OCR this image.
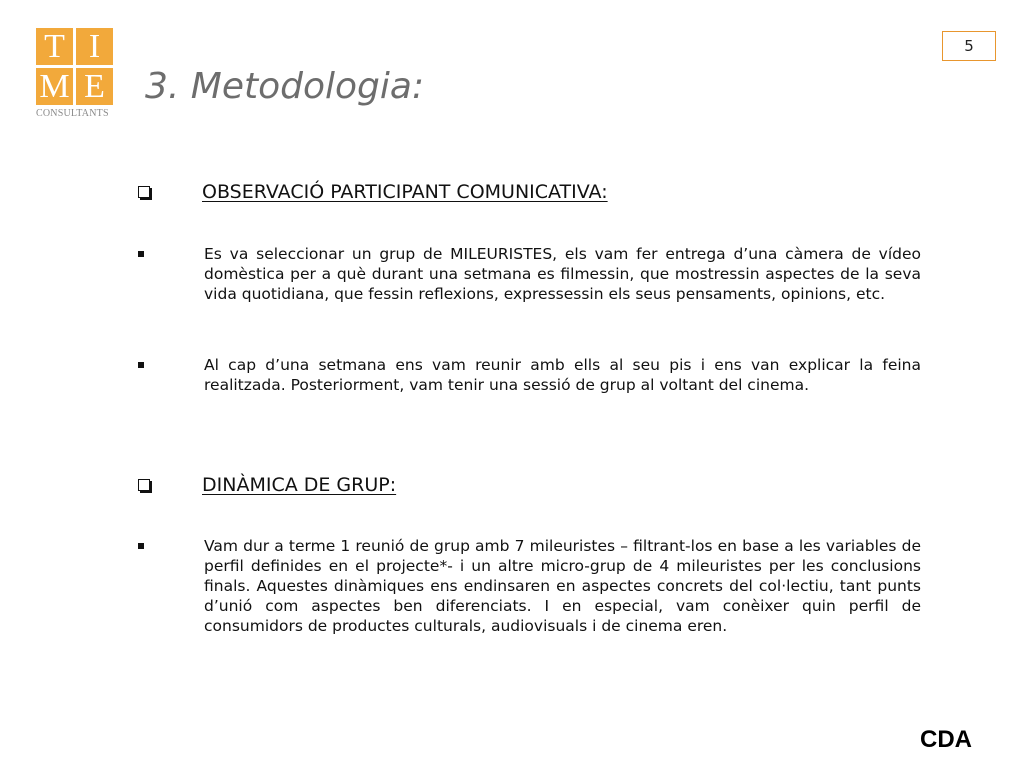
T I
M E
CONSULTANTS
3. Metodologia:
5
OBSERVACIÓ PARTICIPANT COMUNICATIVA:

Es va seleccionar un grup de MILEURISTES, els vam fer entrega d’una càmera de vídeo domèstica per a què durant una setmana es filmessin, que mostressin aspectes de la seva vida quotidiana, que fessin reflexions, expressessin els seus pensaments, opinions, etc.

Al cap d’una setmana ens vam reunir amb ells al seu pis i ens van explicar la feina realitzada. Posteriorment, vam tenir una sessió de grup al voltant del cinema.

DINÀMICA DE GRUP:

Vam dur a terme 1 reunió de grup amb 7 mileuristes – filtrant-los en base a les variables de perfil definides en el projecte*- i un altre micro-grup de 4 mileuristes per les conclusions finals. Aquestes dinàmiques ens endinsaren en aspectes concrets del col·lectiu, tant punts d’unió com aspectes ben diferenciats. I en especial, vam conèixer quin perfil de consumidors de productes culturals, audiovisuals i de cinema eren.

CDA
